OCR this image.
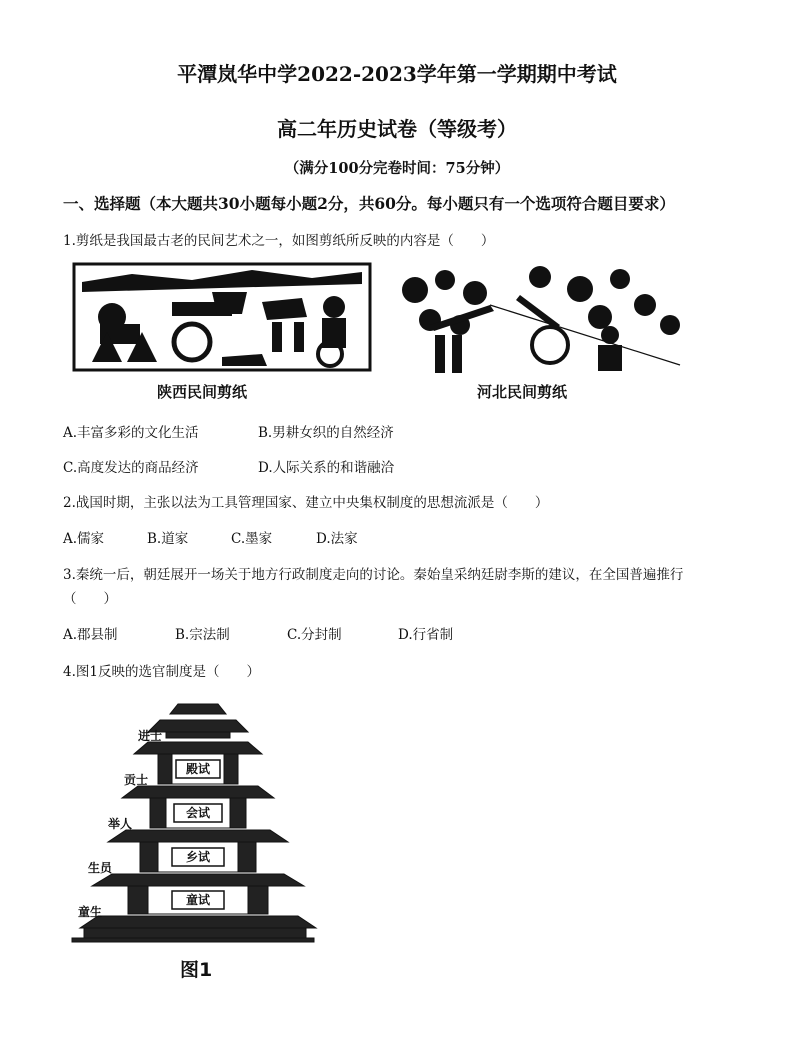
平潭岚华中学2022-2023学年第一学期期中考试
高二年历史试卷（等级考）
（满分100分完卷时间：75分钟）
一、选择题（本大题共30小题每小题2分，共60分。每小题只有一个选项符合题目要求）
1.剪纸是我国最古老的民间艺术之一，如图剪纸所反映的内容是（　　）
陕西民间剪纸	河北民间剪纸
A.丰富多彩的文化生活	B.男耕女织的自然经济
C.高度发达的商品经济	D.人际关系的和谐融洽
2.战国时期，主张以法为工具管理国家、建立中央集权制度的思想流派是（　　）
A.儒家	B.道家	C.墨家	D.法家
3.秦统一后，朝廷展开一场关于地方行政制度走向的讨论。秦始皇采纳廷尉李斯的建议，在全国普遍推行
（　　）
A.郡县制	B.宗法制	C.分封制	D.行省制
4.图1反映的选官制度是（　　）
殿试
会试
乡试
童试
进士
贡士
举人
生员
童生
图1
